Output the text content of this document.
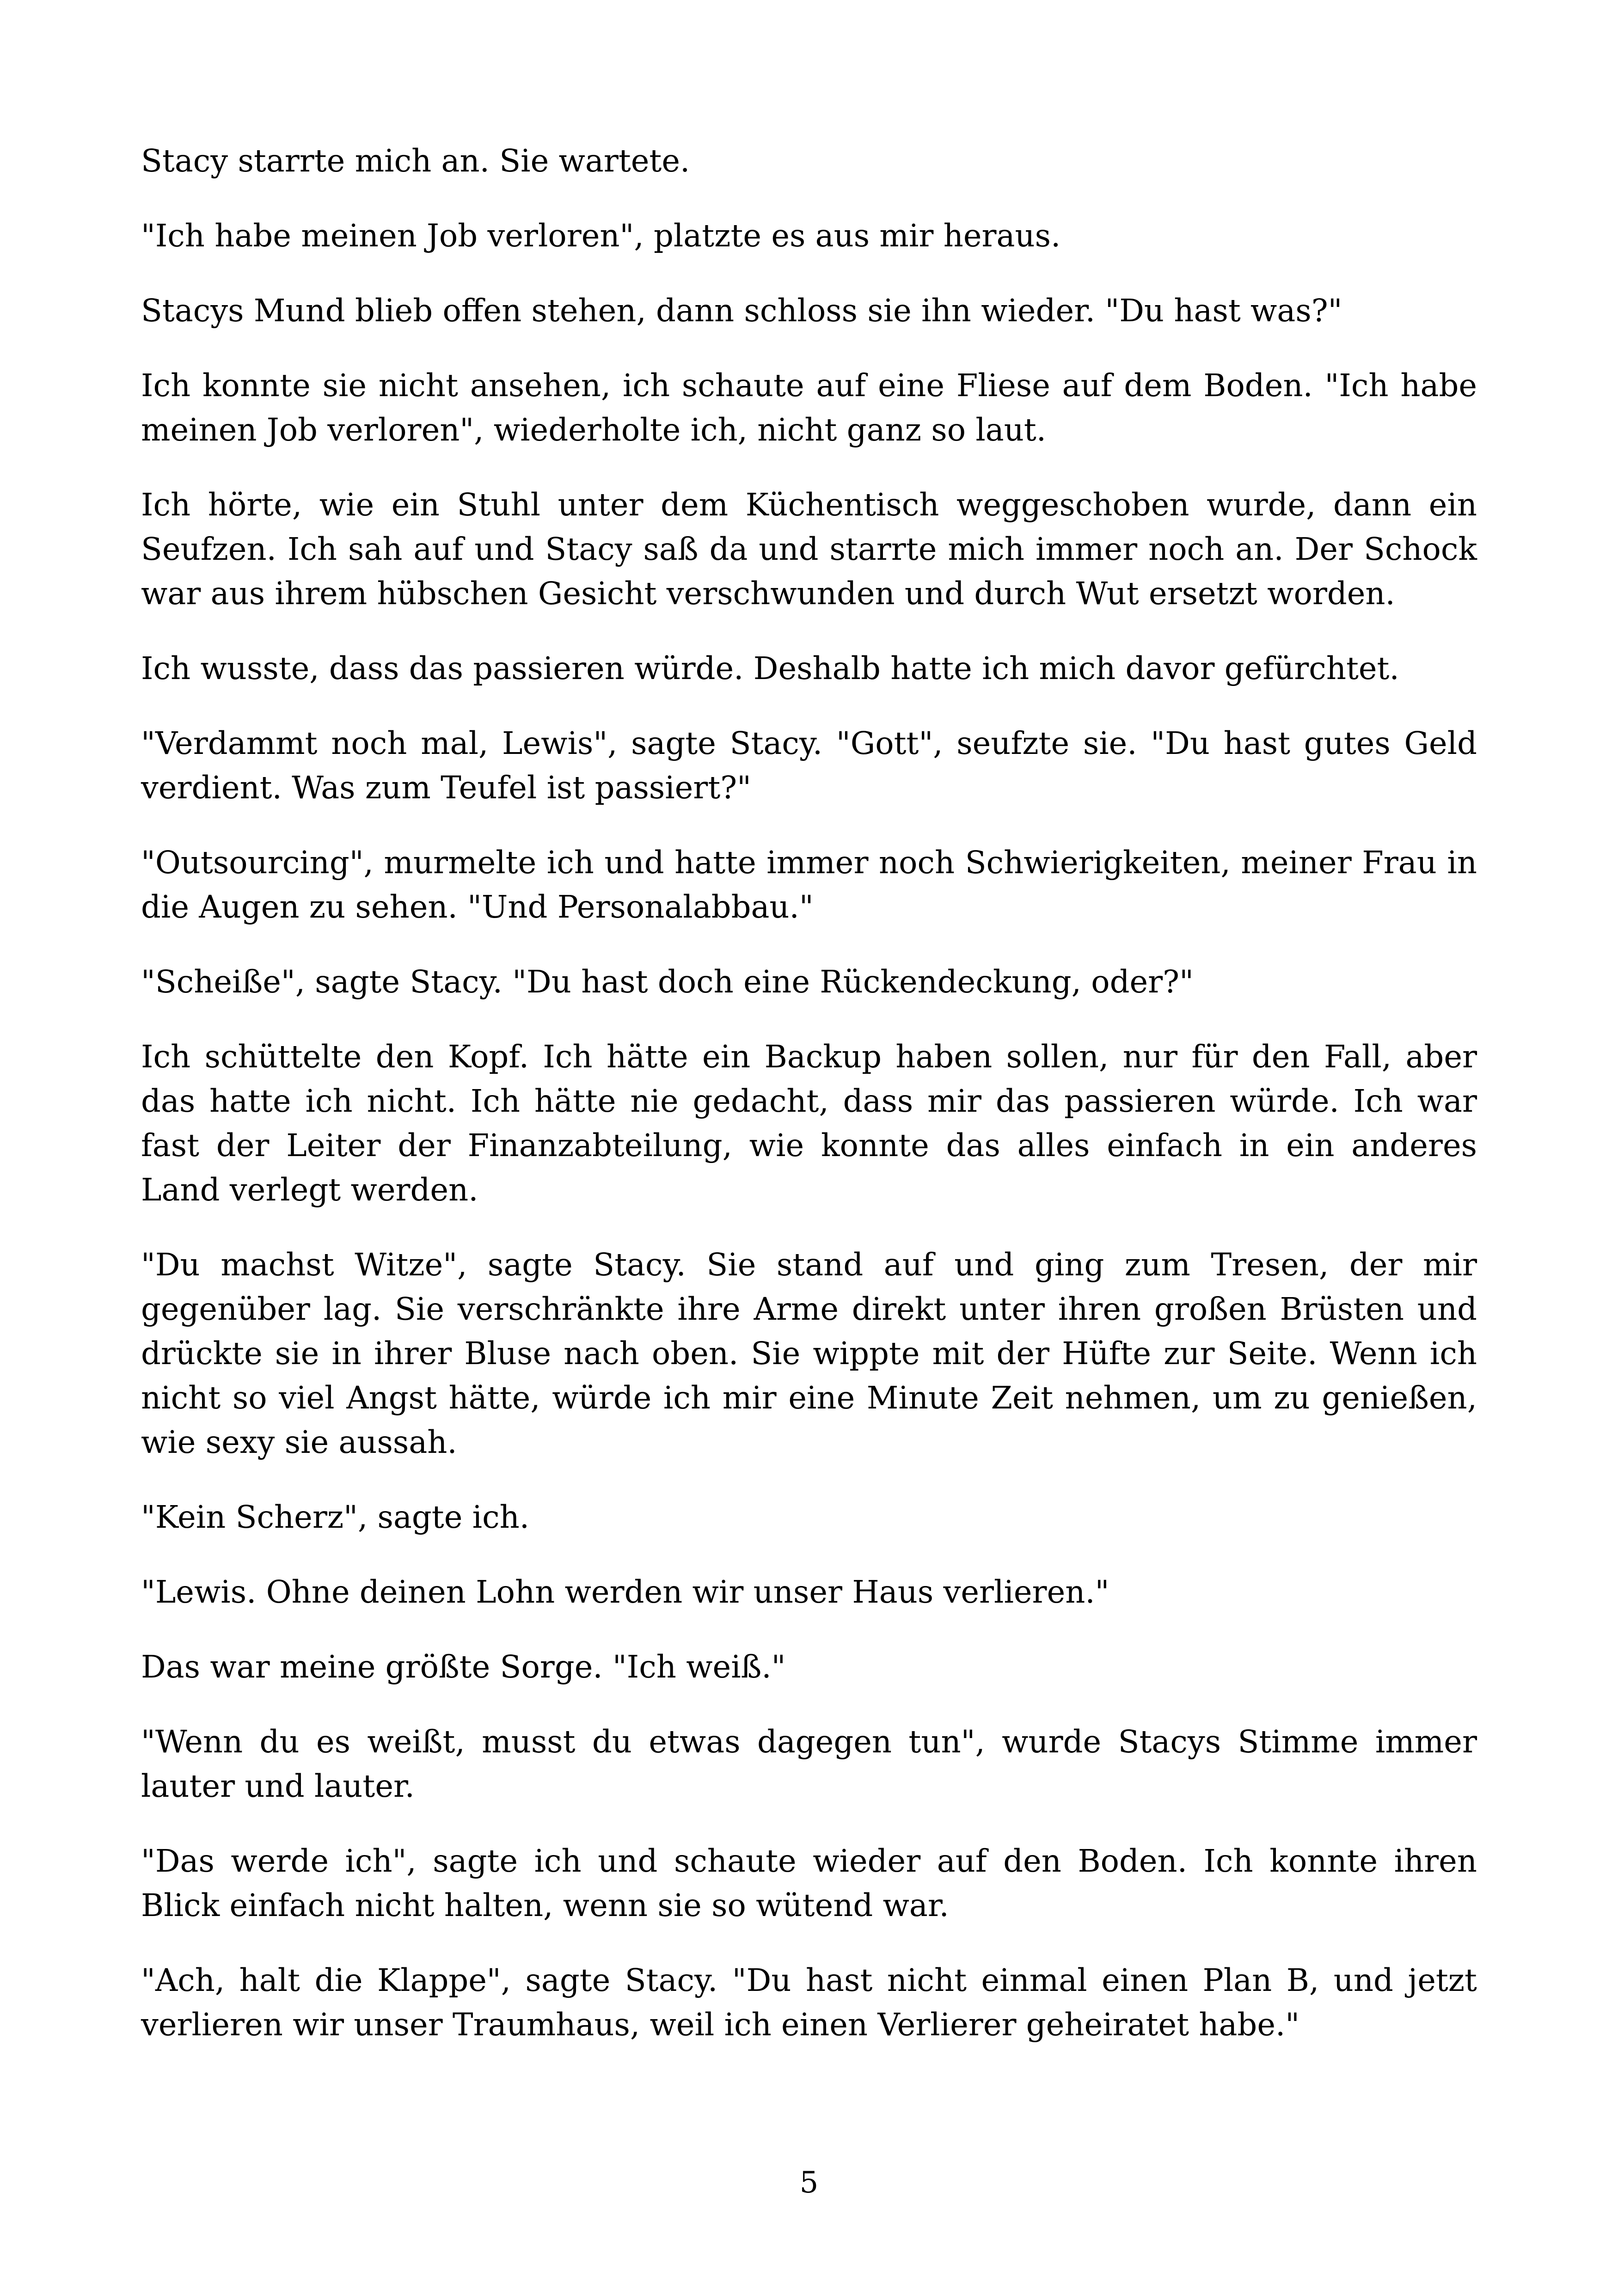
Stacy starrte mich an. Sie wartete.

"Ich habe meinen Job verloren", platzte es aus mir heraus.

Stacys Mund blieb offen stehen, dann schloss sie ihn wieder. "Du hast was?"

Ich konnte sie nicht ansehen, ich schaute auf eine Fliese auf dem Boden. "Ich habe meinen Job verloren", wiederholte ich, nicht ganz so laut.

Ich hörte, wie ein Stuhl unter dem Küchentisch weggeschoben wurde, dann ein Seufzen. Ich sah auf und Stacy saß da und starrte mich immer noch an. Der Schock war aus ihrem hübschen Gesicht verschwunden und durch Wut ersetzt worden.

Ich wusste, dass das passieren würde. Deshalb hatte ich mich davor gefürchtet.

"Verdammt noch mal, Lewis", sagte Stacy. "Gott", seufzte sie. "Du hast gutes Geld verdient. Was zum Teufel ist passiert?"

"Outsourcing", murmelte ich und hatte immer noch Schwierigkeiten, meiner Frau in die Augen zu sehen. "Und Personalabbau."

"Scheiße", sagte Stacy. "Du hast doch eine Rückendeckung, oder?"

Ich schüttelte den Kopf. Ich hätte ein Backup haben sollen, nur für den Fall, aber das hatte ich nicht. Ich hätte nie gedacht, dass mir das passieren würde. Ich war fast der Leiter der Finanzabteilung, wie konnte das alles einfach in ein anderes Land verlegt werden.

"Du machst Witze", sagte Stacy. Sie stand auf und ging zum Tresen, der mir gegenüber lag. Sie verschränkte ihre Arme direkt unter ihren großen Brüsten und drückte sie in ihrer Bluse nach oben. Sie wippte mit der Hüfte zur Seite. Wenn ich nicht so viel Angst hätte, würde ich mir eine Minute Zeit nehmen, um zu genießen, wie sexy sie aussah.

"Kein Scherz", sagte ich.

"Lewis. Ohne deinen Lohn werden wir unser Haus verlieren."

Das war meine größte Sorge. "Ich weiß."

"Wenn du es weißt, musst du etwas dagegen tun", wurde Stacys Stimme immer lauter und lauter.

"Das werde ich", sagte ich und schaute wieder auf den Boden. Ich konnte ihren Blick einfach nicht halten, wenn sie so wütend war.

"Ach, halt die Klappe", sagte Stacy. "Du hast nicht einmal einen Plan B, und jetzt verlieren wir unser Traumhaus, weil ich einen Verlierer geheiratet habe."

5
